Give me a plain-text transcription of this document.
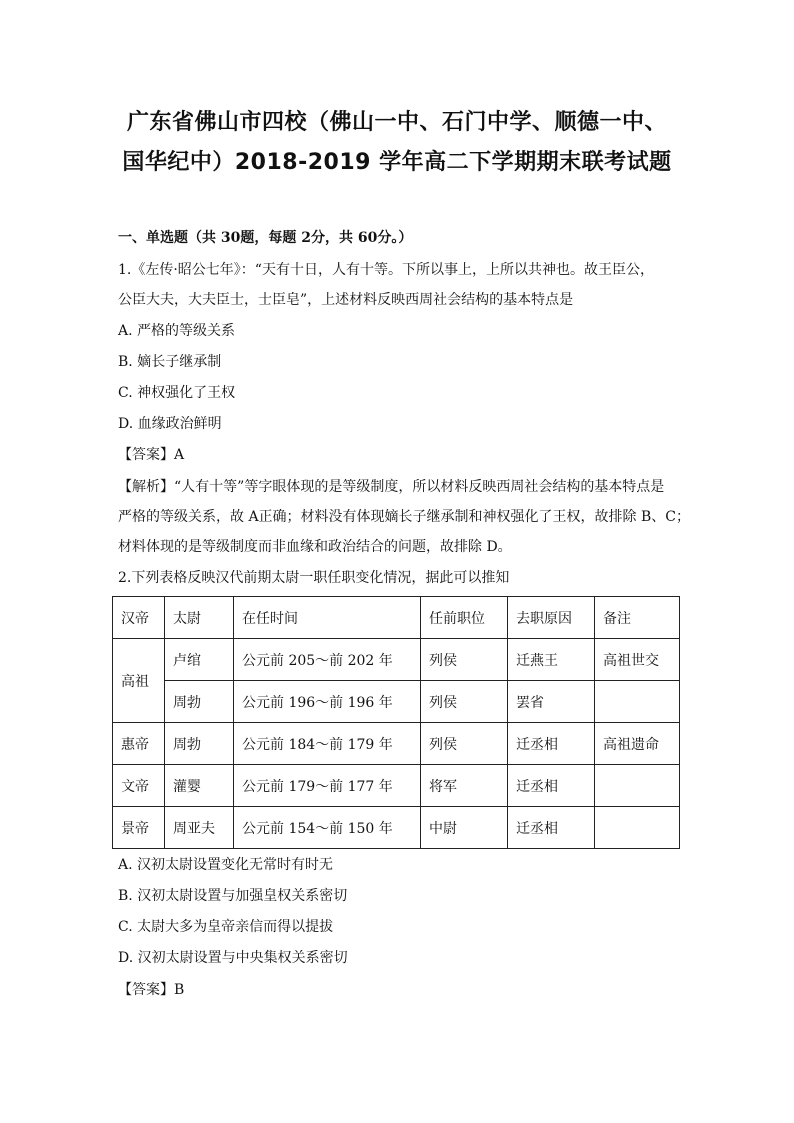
广东省佛山市四校（佛山一中、石门中学、顺德一中、
国华纪中）2018-2019 学年高二下学期期末联考试题
一、单选题（共 30题，每题 2分，共 60分。）
1.《左传·昭公七年》：“天有十日，人有十等。下所以事上，上所以共神也。故王臣公，
公臣大夫，大夫臣士，士臣皂”，上述材料反映西周社会结构的基本特点是
A. 严格的等级关系
B. 嫡长子继承制
C. 神权强化了王权
D. 血缘政治鲜明
【答案】A
【解析】“人有十等”等字眼体现的是等级制度，所以材料反映西周社会结构的基本特点是
严格的等级关系，故 A正确；材料没有体现嫡长子继承制和神权强化了王权，故排除 B、C；
材料体现的是等级制度而非血缘和政治结合的问题，故排除 D。
2.下列表格反映汉代前期太尉一职任职变化情况，据此可以推知
汉帝	太尉	在任时间	任前职位	去职原因	备注
高祖	卢绾	公元前 205～前 202 年	列侯	迁燕王	高祖世交
	周勃	公元前 196～前 196 年	列侯	罢省	
惠帝	周勃	公元前 184～前 179 年	列侯	迁丞相	高祖遗命
文帝	灌婴	公元前 179～前 177 年	将军	迁丞相	
景帝	周亚夫	公元前 154～前 150 年	中尉	迁丞相	
A. 汉初太尉设置变化无常时有时无
B. 汉初太尉设置与加强皇权关系密切
C. 太尉大多为皇帝亲信而得以提拔
D. 汉初太尉设置与中央集权关系密切
【答案】B
